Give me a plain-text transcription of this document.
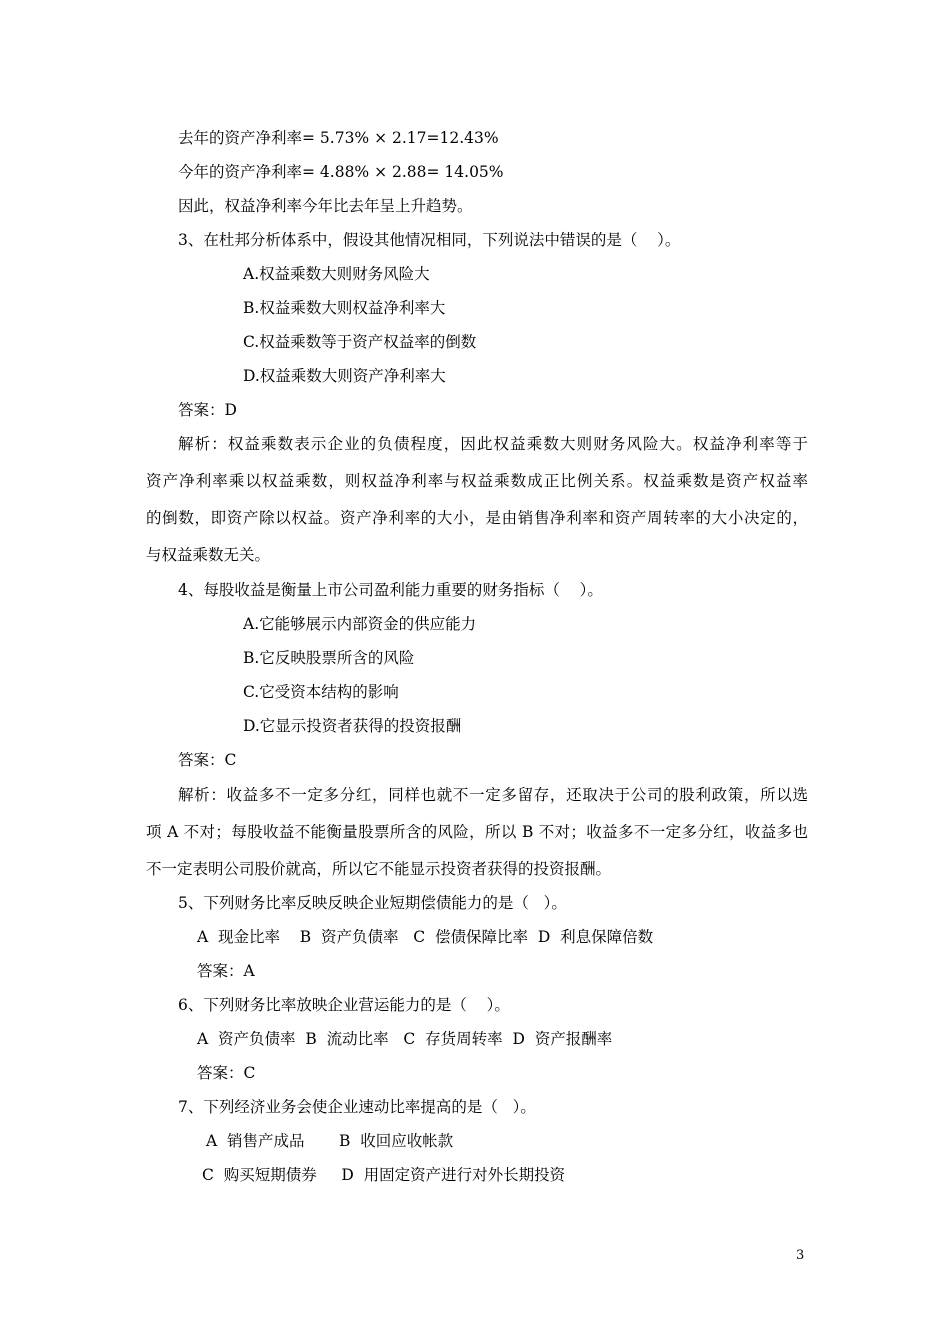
去年的资产净利率= 5.73% × 2.17=12.43%
今年的资产净利率= 4.88% × 2.88= 14.05%
因此，权益净利率今年比去年呈上升趋势。
3、在杜邦分析体系中，假设其他情况相同，下列说法中错误的是（    ）。
A.权益乘数大则财务风险大
B.权益乘数大则权益净利率大
C.权益乘数等于资产权益率的倒数
D.权益乘数大则资产净利率大
答案：D
解析：权益乘数表示企业的负债程度，因此权益乘数大则财务风险大。权益净利率等于
资产净利率乘以权益乘数，则权益净利率与权益乘数成正比例关系。权益乘数是资产权益率
的倒数，即资产除以权益。资产净利率的大小，是由销售净利率和资产周转率的大小决定的，
与权益乘数无关。
4、每股收益是衡量上市公司盈利能力重要的财务指标（    ）。
A.它能够展示内部资金的供应能力
B.它反映股票所含的风险
C.它受资本结构的影响
D.它显示投资者获得的投资报酬
答案：C
解析：收益多不一定多分红，同样也就不一定多留存，还取决于公司的股利政策，所以选
项 A 不对；每股收益不能衡量股票所含的风险，所以 B 不对；收益多不一定多分红，收益多也
不一定表明公司股价就高，所以它不能显示投资者获得的投资报酬。
5、下列财务比率反映反映企业短期偿债能力的是（   ）。
A  现金比率    B  资产负债率   C  偿债保障比率  D  利息保障倍数
答案：A
6、下列财务比率放映企业营运能力的是（    ）。
A  资产负债率  B  流动比率   C  存货周转率  D  资产报酬率
答案：C
7、下列经济业务会使企业速动比率提高的是（   ）。
A  销售产成品       B  收回应收帐款
C  购买短期债券     D  用固定资产进行对外长期投资
3
